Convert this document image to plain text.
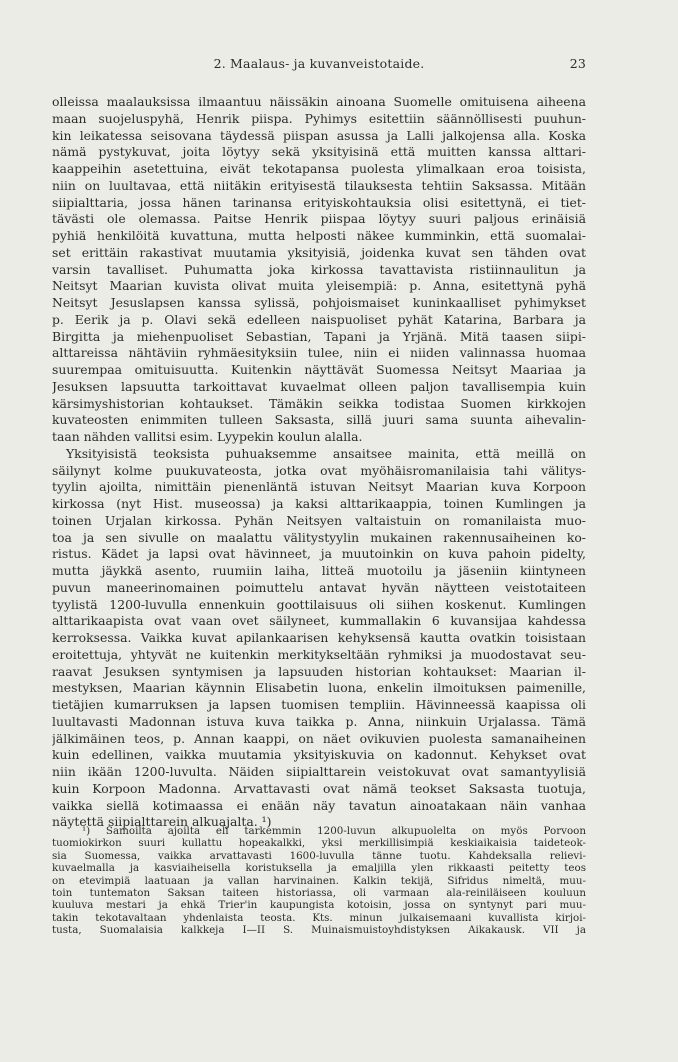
2. Maalaus- ja kuvanveistotaide.	23
olleissa maalauksissa ilmaantuu näissäkin ainoana Suomelle omituisena aiheena
maan suojeluspyhä, Henrik piispa. Pyhimys esitettiin säännöllisesti puuhun-
kin leikatessa seisovana täydessä piispan asussa ja Lalli jalkojensa alla. Koska
nämä pystykuvat, joita löytyy sekä yksityisinä että muitten kanssa alttari-
kaappeihin asetettuina, eivät tekotapansa puolesta ylimalkaan eroa toisista,
niin on luultavaa, että niitäkin erityisestä tilauksesta tehtiin Saksassa. Mitään
siipialttaria, jossa hänen tarinansa erityiskohtauksia olisi esitettynä, ei tiet-
tävästi ole olemassa. Paitse Henrik piispaa löytyy suuri paljous erinäisiä
pyhiä henkilöitä kuvattuna, mutta helposti näkee kumminkin, että suomalai-
set erittäin rakastivat muutamia yksityisiä, joidenka kuvat sen tähden ovat
varsin tavalliset. Puhumatta joka kirkossa tavattavista ristiinnaulitun ja
Neitsyt Maarian kuvista olivat muita yleisempiä: p. Anna, esitettynä pyhä
Neitsyt Jesuslapsen kanssa sylissä, pohjoismaiset kuninkaalliset pyhimykset
p. Eerik ja p. Olavi sekä edelleen naispuoliset pyhät Katarina, Barbara ja
Birgitta ja miehenpuoliset Sebastian, Tapani ja Yrjänä. Mitä taasen siipi-
alttareissa nähtäviin ryhmäesityksiin tulee, niin ei niiden valinnassa huomaa
suurempaa omituisuutta. Kuitenkin näyttävät Suomessa Neitsyt Maariaa ja
Jesuksen lapsuutta tarkoittavat kuvaelmat olleen paljon tavallisempia kuin
kärsimyshistorian kohtaukset. Tämäkin seikka todistaa Suomen kirkkojen
kuvateosten enimmiten tulleen Saksasta, sillä juuri sama suunta aihevalin-
taan nähden vallitsi esim. Lyypekin koulun alalla.
Yksityisistä teoksista puhuaksemme ansaitsee mainita, että meillä on
säilynyt kolme puukuvateosta, jotka ovat myöhäisromanilaisia tahi välitys-
tyylin ajoilta, nimittäin pienenläntä istuvan Neitsyt Maarian kuva Korpoon
kirkossa (nyt Hist. museossa) ja kaksi alttarikaappia, toinen Kumlingen ja
toinen Urjalan kirkossa. Pyhän Neitsyen valtaistuin on romanilaista muo-
toa ja sen sivulle on maalattu välitystyylin mukainen rakennusaiheinen ko-
ristus. Kädet ja lapsi ovat hävinneet, ja muutoinkin on kuva pahoin pidelty,
mutta jäykkä asento, ruumiin laiha, litteä muotoilu ja jäseniin kiintyneen
puvun maneerinomainen poimuttelu antavat hyvän näytteen veistotaiteen
tyylistä 1200-luvulla ennenkuin goottilaisuus oli siihen koskenut. Kumlingen
alttarikaapista ovat vaan ovet säilyneet, kummallakin 6 kuvansijaa kahdessa
kerroksessa. Vaikka kuvat apilankaarisen kehyksensä kautta ovatkin toisistaan
eroitettuja, yhtyvät ne kuitenkin merkitykseltään ryhmiksi ja muodostavat seu-
raavat Jesuksen syntymisen ja lapsuuden historian kohtaukset: Maarian il-
mestyksen, Maarian käynnin Elisabetin luona, enkelin ilmoituksen paimenille,
tietäjien kumarruksen ja lapsen tuomisen templiin. Hävinneessä kaapissa oli
luultavasti Madonnan istuva kuva taikka p. Anna, niinkuin Urjalassa. Tämä
jälkimäinen teos, p. Annan kaappi, on näet ovikuvien puolesta samanaiheinen
kuin edellinen, vaikka muutamia yksityiskuvia on kadonnut. Kehykset ovat
niin ikään 1200-luvulta. Näiden siipialttarein veistokuvat ovat samantyylisiä
kuin Korpoon Madonna. Arvattavasti ovat nämä teokset Saksasta tuotuja,
vaikka siellä kotimaassa ei enään näy tavatun ainoatakaan näin vanhaa
näytettä siipialttarein alkuajalta. ¹)
¹) Samoilta ajoilta eli tarkemmin 1200-luvun alkupuolelta on myös Porvoon
tuomiokirkon suuri kullattu hopeakalkki, yksi merkillisimpiä keskiaikaisia taideteok-
sia Suomessa, vaikka arvattavasti 1600-luvulla tänne tuotu. Kahdeksalla relievi-
kuvaelmalla ja kasviaiheisella koristuksella ja emaljilla ylen rikkaasti peitetty teos
on etevimpiä laatuaan ja vallan harvinainen. Kalkin tekijä, Sifridus nimeltä, muu-
toin tuntematon Saksan taiteen historiassa, oli varmaan ala-reiniläiseen kouluun
kuuluva mestari ja ehkä Trier'in kaupungista kotoisin, jossa on syntynyt pari muu-
takin tekotavaltaan yhdenlaista teosta. Kts. minun julkaisemaani kuvallista kirjoi-
tusta, Suomalaisia kalkkeja I—II S. Muinaismuistoyhdistyksen Aikakausk. VII ja
